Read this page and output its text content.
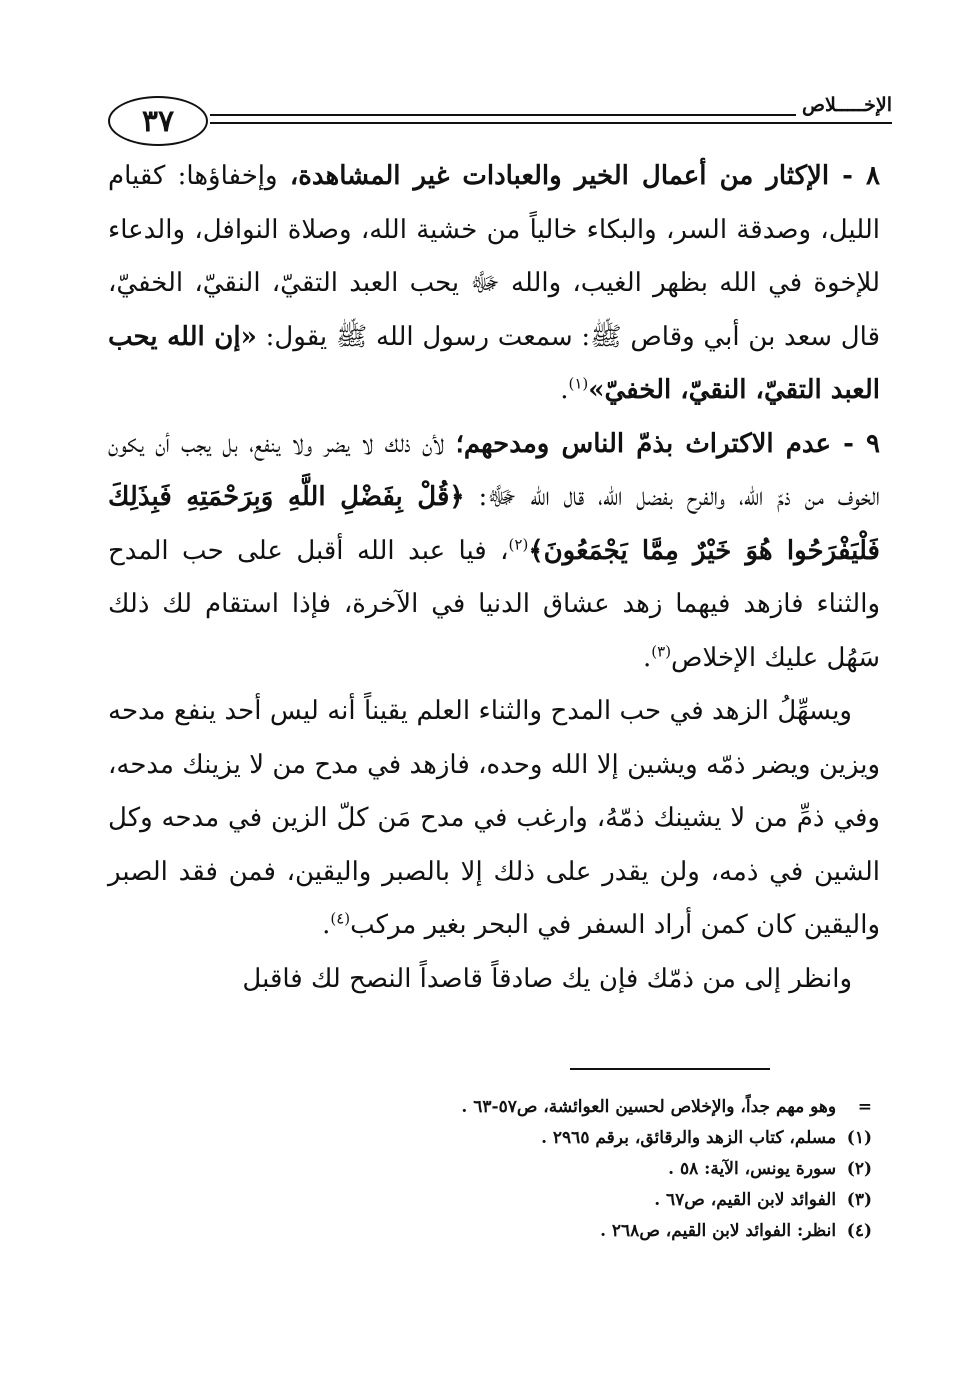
٣٧	الإخـــــلاص

٨ - الإكثار من أعمال الخير والعبادات غير المشاهدة، وإخفاؤها: كقيام الليل، وصدقة السر، والبكاء خالياً من خشية الله، وصلاة النوافل، والدعاء للإخوة في الله بظهر الغيب، والله ﷻ يحب العبد التقيّ، النقيّ، الخفيّ، قال سعد بن أبي وقاص ﷺ: سمعت رسول الله ﷺ يقول: «إن الله يحب العبد التقيّ، النقيّ، الخفيّ»$^{(١)}$.

٩ - عدم الاكتراث بذمّ الناس ومدحهم؛ لأن ذلك لا يضر ولا ينفع، بل يجب أن يكون الخوف من ذمّ الله، والفرح بفضل الله، قال الله ﷻ: ﴿قُلْ بِفَضْلِ اللَّهِ وَبِرَحْمَتِهِ فَبِذَلِكَ فَلْيَفْرَحُوا هُوَ خَيْرٌ مِمَّا يَجْمَعُونَ﴾$^{(٢)}$، فيا عبد الله أقبل على حب المدح والثناء فازهد فيهما زهد عشاق الدنيا في الآخرة، فإذا استقام لك ذلك سَهُل عليك الإخلاص$^{(٣)}$.

ويسهِّلُ الزهد في حب المدح والثناء العلم يقيناً أنه ليس أحد ينفع مدحه ويزين ويضر ذمّه ويشين إلا الله وحده، فازهد في مدح من لا يزينك مدحه، وفي ذمِّ من لا يشينك ذمّهُ، وارغب في مدح مَن كلّ الزين في مدحه وكل الشين في ذمه، ولن يقدر على ذلك إلا بالصبر واليقين، فمن فقد الصبر واليقين كان كمن أراد السفر في البحر بغير مركب$^{(٤)}$.

وانظر إلى من ذمّك فإن يك صادقاً قاصداً النصح لك فاقبل

= وهو مهم جداً، والإخلاص لحسين العوائشة، ص٥٧-٦٣ .
(١) مسلم، كتاب الزهد والرقائق، برقم ٢٩٦٥ .
(٢) سورة يونس، الآية: ٥٨ .
(٣) الفوائد لابن القيم، ص٦٧ .
(٤) انظر: الفوائد لابن القيم، ص٢٦٨ .
